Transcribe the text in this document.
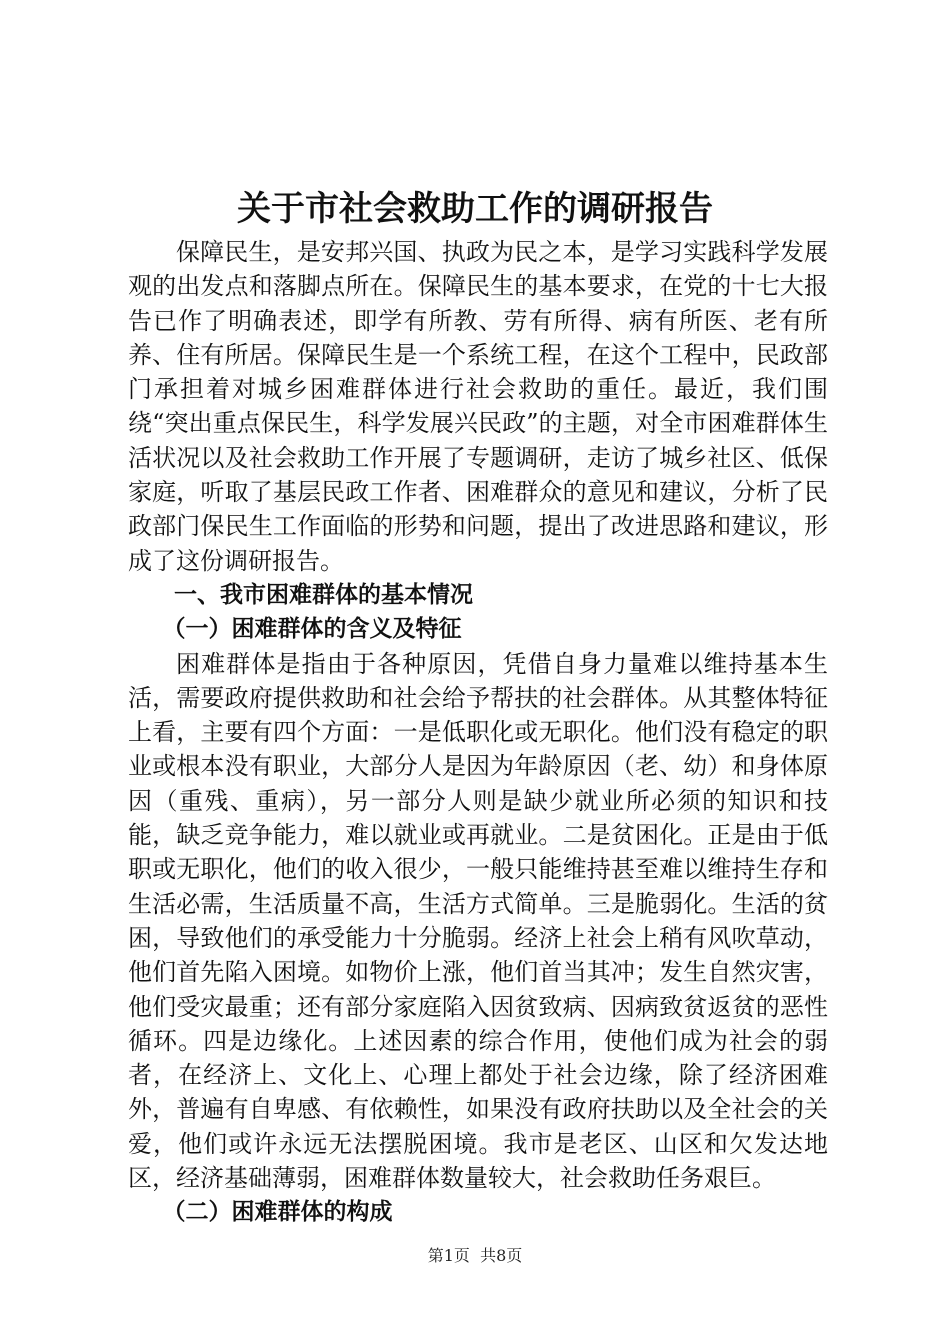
关于市社会救助工作的调研报告

保障民生，是安邦兴国、执政为民之本，是学习实践科学发展观的出发点和落脚点所在。保障民生的基本要求，在党的十七大报告已作了明确表述，即学有所教、劳有所得、病有所医、老有所养、住有所居。保障民生是一个系统工程，在这个工程中，民政部门承担着对城乡困难群体进行社会救助的重任。最近，我们围绕“突出重点保民生，科学发展兴民政”的主题，对全市困难群体生活状况以及社会救助工作开展了专题调研，走访了城乡社区、低保家庭，听取了基层民政工作者、困难群众的意见和建议，分析了民政部门保民生工作面临的形势和问题，提出了改进思路和建议，形成了这份调研报告。

一、我市困难群体的基本情况

（一）困难群体的含义及特征

困难群体是指由于各种原因，凭借自身力量难以维持基本生活，需要政府提供救助和社会给予帮扶的社会群体。从其整体特征上看，主要有四个方面：一是低职化或无职化。他们没有稳定的职业或根本没有职业，大部分人是因为年龄原因（老、幼）和身体原因（重残、重病），另一部分人则是缺少就业所必须的知识和技能，缺乏竞争能力，难以就业或再就业。二是贫困化。正是由于低职或无职化，他们的收入很少，一般只能维持甚至难以维持生存和生活必需，生活质量不高，生活方式简单。三是脆弱化。生活的贫困，导致他们的承受能力十分脆弱。经济上社会上稍有风吹草动，他们首先陷入困境。如物价上涨，他们首当其冲；发生自然灾害，他们受灾最重；还有部分家庭陷入因贫致病、因病致贫返贫的恶性循环。四是边缘化。上述因素的综合作用，使他们成为社会的弱者，在经济上、文化上、心理上都处于社会边缘，除了经济困难外，普遍有自卑感、有依赖性，如果没有政府扶助以及全社会的关爱，他们或许永远无法摆脱困境。我市是老区、山区和欠发达地区，经济基础薄弱，困难群体数量较大，社会救助任务艰巨。

（二）困难群体的构成

第1页 共8页
